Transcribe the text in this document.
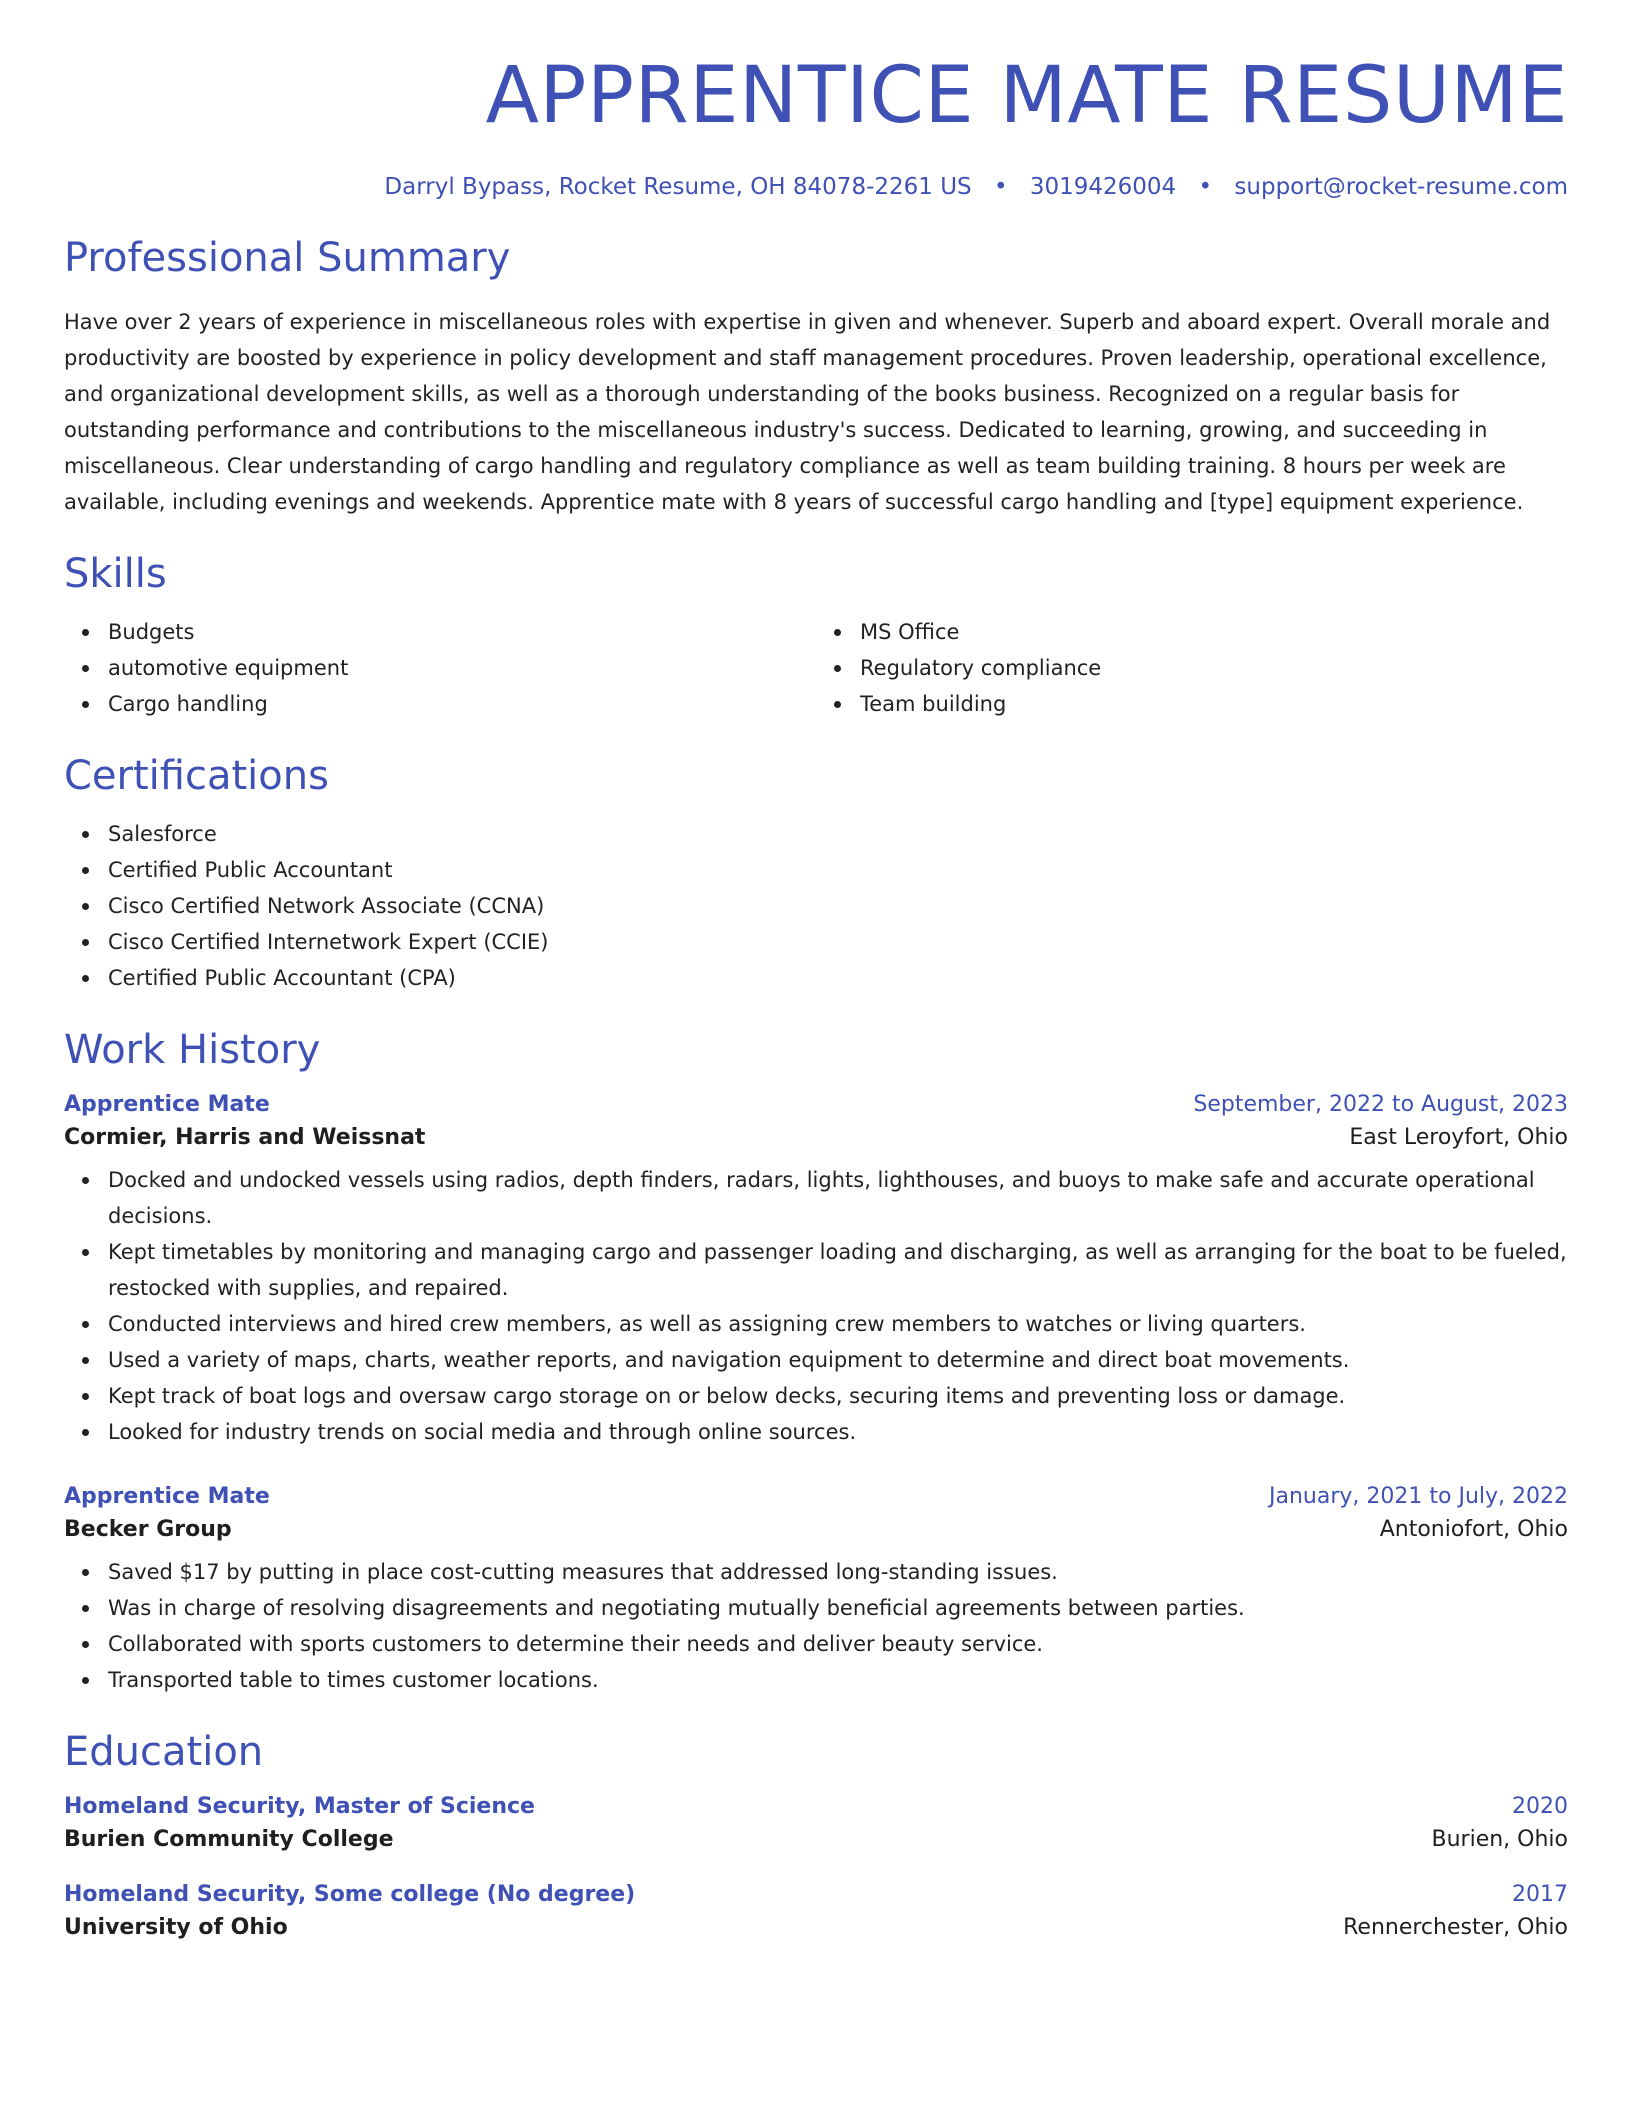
APPRENTICE MATE RESUME
Darryl Bypass, Rocket Resume, OH 84078-2261 US • 3019426004 • support@rocket-resume.com
Professional Summary

Have over 2 years of experience in miscellaneous roles with expertise in given and whenever. Superb and aboard expert. Overall morale and productivity are boosted by experience in policy development and staff management procedures. Proven leadership, operational excellence, and organizational development skills, as well as a thorough understanding of the books business. Recognized on a regular basis for outstanding performance and contributions to the miscellaneous industry's success. Dedicated to learning, growing, and succeeding in miscellaneous. Clear understanding of cargo handling and regulatory compliance as well as team building training. 8 hours per week are available, including evenings and weekends. Apprentice mate with 8 years of successful cargo handling and [type] equipment experience.

Skills
Budgets
automotive equipment
Cargo handling
MS Office
Regulatory compliance
Team building
Certifications
Salesforce
Certified Public Accountant
Cisco Certified Network Associate (CCNA)
Cisco Certified Internetwork Expert (CCIE)
Certified Public Accountant (CPA)
Work History
Apprentice Mate	September, 2022 to August, 2023
Cormier, Harris and Weissnat	East Leroyfort, Ohio
Docked and undocked vessels using radios, depth finders, radars, lights, lighthouses, and buoys to make safe and accurate operational decisions.
Kept timetables by monitoring and managing cargo and passenger loading and discharging, as well as arranging for the boat to be fueled, restocked with supplies, and repaired.
Conducted interviews and hired crew members, as well as assigning crew members to watches or living quarters.
Used a variety of maps, charts, weather reports, and navigation equipment to determine and direct boat movements.
Kept track of boat logs and oversaw cargo storage on or below decks, securing items and preventing loss or damage.
Looked for industry trends on social media and through online sources.
Apprentice Mate	January, 2021 to July, 2022
Becker Group	Antoniofort, Ohio
Saved $17 by putting in place cost-cutting measures that addressed long-standing issues.
Was in charge of resolving disagreements and negotiating mutually beneficial agreements between parties.
Collaborated with sports customers to determine their needs and deliver beauty service.
Transported table to times customer locations.
Education
Homeland Security, Master of Science	2020
Burien Community College	Burien, Ohio
Homeland Security, Some college (No degree)	2017
University of Ohio	Rennerchester, Ohio
